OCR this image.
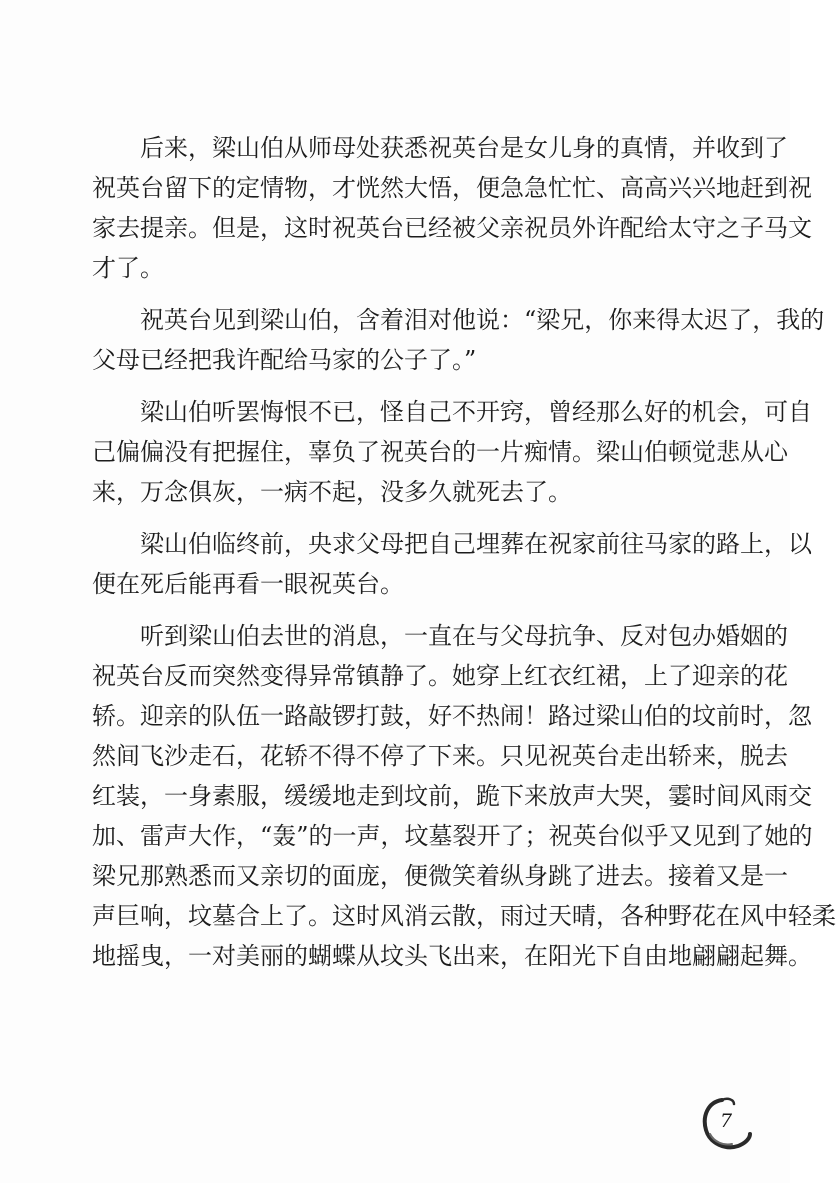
后来，梁山伯从师母处获悉祝英台是女儿身的真情，并收到了
祝英台留下的定情物，才恍然大悟，便急急忙忙、高高兴兴地赶到祝
家去提亲。但是，这时祝英台已经被父亲祝员外许配给太守之子马文
才了。
祝英台见到梁山伯，含着泪对他说：“梁兄，你来得太迟了，我的
父母已经把我许配给马家的公子了。”
梁山伯听罢悔恨不已，怪自己不开窍，曾经那么好的机会，可自
己偏偏没有把握住，辜负了祝英台的一片痴情。梁山伯顿觉悲从心
来，万念俱灰，一病不起，没多久就死去了。
梁山伯临终前，央求父母把自己埋葬在祝家前往马家的路上，以
便在死后能再看一眼祝英台。
听到梁山伯去世的消息，一直在与父母抗争、反对包办婚姻的
祝英台反而突然变得异常镇静了。她穿上红衣红裙，上了迎亲的花
轿。迎亲的队伍一路敲锣打鼓，好不热闹！路过梁山伯的坟前时，忽
然间飞沙走石，花轿不得不停了下来。只见祝英台走出轿来，脱去
红装，一身素服，缓缓地走到坟前，跪下来放声大哭，霎时间风雨交
加、雷声大作，“轰”的一声，坟墓裂开了；祝英台似乎又见到了她的
梁兄那熟悉而又亲切的面庞，便微笑着纵身跳了进去。接着又是一
声巨响，坟墓合上了。这时风消云散，雨过天晴，各种野花在风中轻柔
地摇曳，一对美丽的蝴蝶从坟头飞出来，在阳光下自由地翩翩起舞。
7
